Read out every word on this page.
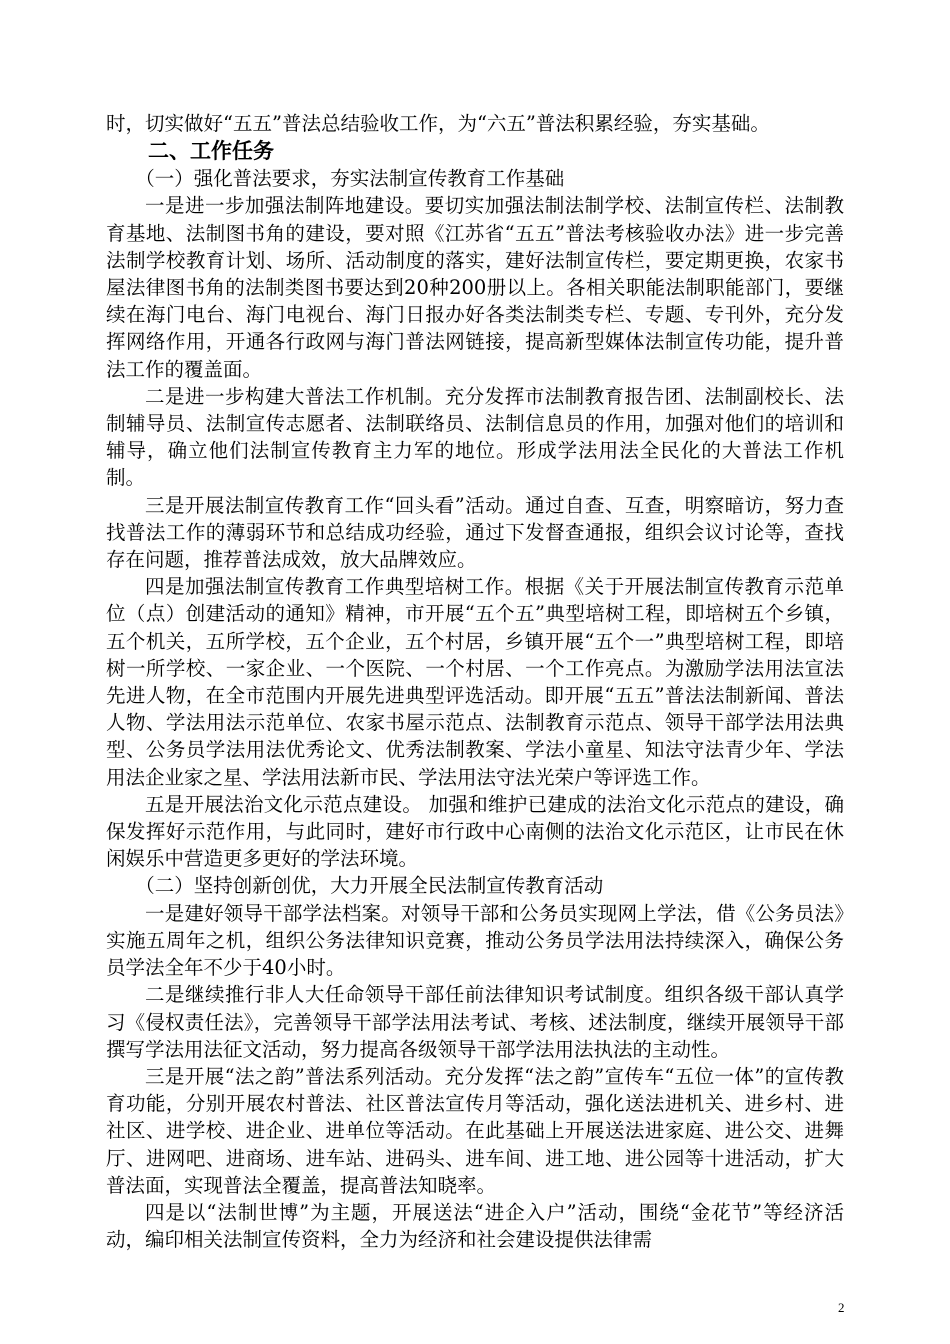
时，切实做好“五五”普法总结验收工作，为“六五”普法积累经验，夯实基础。

二、工作任务

（一）强化普法要求，夯实法制宣传教育工作基础

一是进一步加强法制阵地建设。要切实加强法制法制学校、法制宣传栏、法制教育基地、法制图书角的建设，要对照《江苏省“五五”普法考核验收办法》进一步完善法制学校教育计划、场所、活动制度的落实，建好法制宣传栏，要定期更换，农家书屋法律图书角的法制类图书要达到20种200册以上。各相关职能法制职能部门，要继续在海门电台、海门电视台、海门日报办好各类法制类专栏、专题、专刊外，充分发挥网络作用，开通各行政网与海门普法网链接，提高新型媒体法制宣传功能，提升普法工作的覆盖面。

二是进一步构建大普法工作机制。充分发挥市法制教育报告团、法制副校长、法制辅导员、法制宣传志愿者、法制联络员、法制信息员的作用，加强对他们的培训和辅导，确立他们法制宣传教育主力军的地位。形成学法用法全民化的大普法工作机制。

三是开展法制宣传教育工作“回头看”活动。通过自查、互查，明察暗访，努力查找普法工作的薄弱环节和总结成功经验，通过下发督查通报，组织会议讨论等，查找存在问题，推荐普法成效，放大品牌效应。

四是加强法制宣传教育工作典型培树工作。根据《关于开展法制宣传教育示范单位（点）创建活动的通知》精神，市开展“五个五”典型培树工程，即培树五个乡镇，五个机关，五所学校，五个企业，五个村居，乡镇开展“五个一”典型培树工程，即培树一所学校、一家企业、一个医院、一个村居、一个工作亮点。为激励学法用法宣法先进人物，在全市范围内开展先进典型评选活动。即开展“五五”普法法制新闻、普法人物、学法用法示范单位、农家书屋示范点、法制教育示范点、领导干部学法用法典型、公务员学法用法优秀论文、优秀法制教案、学法小童星、知法守法青少年、学法用法企业家之星、学法用法新市民、学法用法守法光荣户等评选工作。

五是开展法治文化示范点建设。 加强和维护已建成的法治文化示范点的建设，确保发挥好示范作用，与此同时，建好市行政中心南侧的法治文化示范区，让市民在休闲娱乐中营造更多更好的学法环境。

（二）坚持创新创优，大力开展全民法制宣传教育活动

一是建好领导干部学法档案。对领导干部和公务员实现网上学法，借《公务员法》实施五周年之机，组织公务法律知识竞赛，推动公务员学法用法持续深入，确保公务员学法全年不少于40小时。

二是继续推行非人大任命领导干部任前法律知识考试制度。组织各级干部认真学习《侵权责任法》，完善领导干部学法用法考试、考核、述法制度，继续开展领导干部撰写学法用法征文活动，努力提高各级领导干部学法用法执法的主动性。

三是开展“法之韵”普法系列活动。充分发挥“法之韵”宣传车“五位一体”的宣传教育功能，分别开展农村普法、社区普法宣传月等活动，强化送法进机关、进乡村、进社区、进学校、进企业、进单位等活动。在此基础上开展送法进家庭、进公交、进舞厅、进网吧、进商场、进车站、进码头、进车间、进工地、进公园等十进活动，扩大普法面，实现普法全覆盖，提高普法知晓率。

四是以“法制世博”为主题，开展送法“进企入户”活动，围绕“金花节”等经济活动，编印相关法制宣传资料，全力为经济和社会建设提供法律需

2
